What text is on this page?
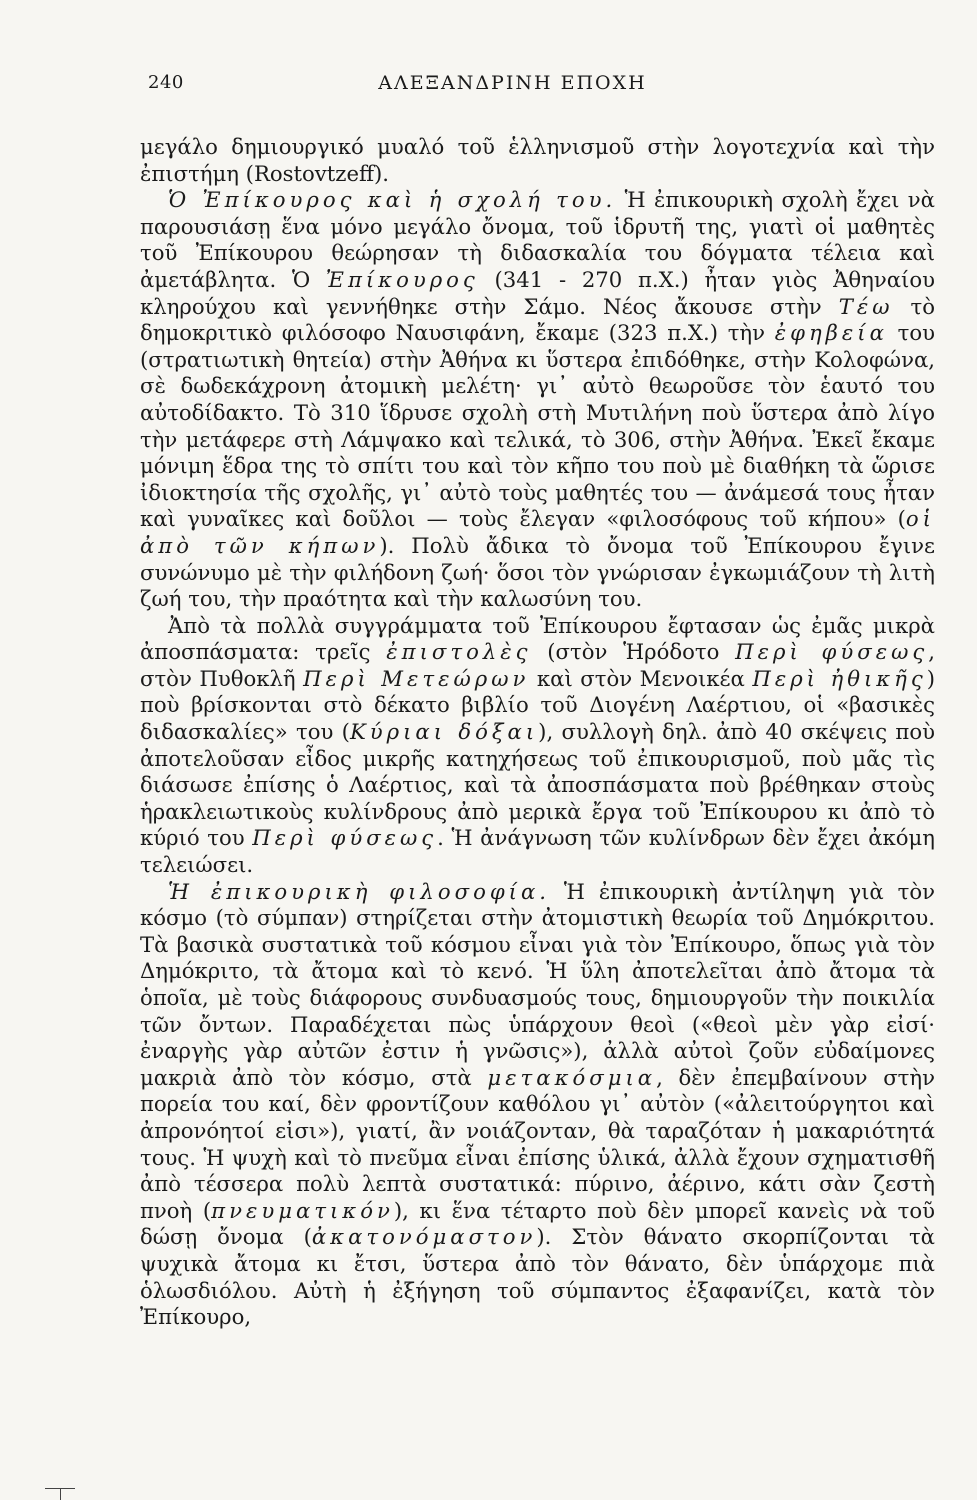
240	ΑΛΕΞΑΝΔΡΙΝΗ ΕΠΟΧΗ

μεγάλο δημιουργικό μυαλό τοῦ ἑλληνισμοῦ στὴν λογοτεχνία καὶ τὴν ἐπιστήμη (Rostovtzeff).

Ὁ Ἐπίκουρος καὶ ἡ σχολή του. Ἡ ἐπικουρικὴ σχολὴ ἔχει νὰ παρουσιάσῃ ἕνα μόνο μεγάλο ὄνομα, τοῦ ἱδρυτῆ της, γιατὶ οἱ μαθητὲς τοῦ Ἐπίκουρου θεώρησαν τὴ διδασκαλία του δόγματα τέλεια καὶ ἀμετάβλητα. Ὁ Ἐπίκουρος (341 - 270 π.Χ.) ἦταν γιὸς Ἀθηναίου κληρούχου καὶ γεννήθηκε στὴν Σάμο. Νέος ἄκουσε στὴν Τέω τὸ δημοκριτικὸ φιλόσοφο Ναυσιφάνη, ἔκαμε (323 π.Χ.) τὴν ἐφηβεία του (στρατιωτικὴ θητεία) στὴν Ἀθήνα κι ὕστερα ἐπιδόθηκε, στὴν Κολοφώνα, σὲ δωδεκάχρονη ἀτομικὴ μελέτη· γι᾽ αὐτὸ θεωροῦσε τὸν ἑαυτό του αὐτοδίδακτο. Τὸ 310 ἵδρυσε σχολὴ στὴ Μυτιλήνη ποὺ ὕστερα ἀπὸ λίγο τὴν μετάφερε στὴ Λάμψακο καὶ τελικά, τὸ 306, στὴν Ἀθήνα. Ἐκεῖ ἔκαμε μόνιμη ἕδρα της τὸ σπίτι του καὶ τὸν κῆπο του ποὺ μὲ διαθήκη τὰ ὥρισε ἰδιοκτησία τῆς σχολῆς, γι᾽ αὐτὸ τοὺς μαθητές του — ἀνάμεσά τους ἦταν καὶ γυναῖκες καὶ δοῦλοι — τοὺς ἔλεγαν «φιλοσόφους τοῦ κήπου» (οἱ ἀπὸ τῶν κήπων). Πολὺ ἄδικα τὸ ὄνομα τοῦ Ἐπίκουρου ἔγινε συνώνυμο μὲ τὴν φιλήδονη ζωή· ὅσοι τὸν γνώρισαν ἐγκωμιάζουν τὴ λιτὴ ζωή του, τὴν πραότητα καὶ τὴν καλωσύνη του.

Ἀπὸ τὰ πολλὰ συγγράμματα τοῦ Ἐπίκουρου ἔφτασαν ὡς ἐμᾶς μικρὰ ἀποσπάσματα: τρεῖς ἐπιστολὲς (στὸν Ἡρόδοτο Περὶ φύσεως, στὸν Πυθοκλῆ Περὶ Μετεώρων καὶ στὸν Μενοικέα Περὶ ἠθικῆς) ποὺ βρίσκονται στὸ δέκατο βιβλίο τοῦ Διογένη Λαέρτιου, οἱ «βασικὲς διδασκαλίες» του (Κύριαι δόξαι), συλλογὴ δηλ. ἀπὸ 40 σκέψεις ποὺ ἀποτελοῦσαν εἶδος μικρῆς κατηχήσεως τοῦ ἐπικουρισμοῦ, ποὺ μᾶς τὶς διάσωσε ἐπίσης ὁ Λαέρτιος, καὶ τὰ ἀποσπάσματα ποὺ βρέθηκαν στοὺς ἡρακλειωτικοὺς κυλίνδρους ἀπὸ μερικὰ ἔργα τοῦ Ἐπίκουρου κι ἀπὸ τὸ κύριό του Περὶ φύσεως. Ἡ ἀνάγνωση τῶν κυλίνδρων δὲν ἔχει ἀκόμη τελειώσει.

Ἡ ἐπικουρικὴ φιλοσοφία. Ἡ ἐπικουρικὴ ἀντίληψη γιὰ τὸν κόσμο (τὸ σύμπαν) στηρίζεται στὴν ἀτομιστικὴ θεωρία τοῦ Δημόκριτου. Τὰ βασικὰ συστατικὰ τοῦ κόσμου εἶναι γιὰ τὸν Ἐπίκουρο, ὅπως γιὰ τὸν Δημόκριτο, τὰ ἄτομα καὶ τὸ κενό. Ἡ ὕλη ἀποτελεῖται ἀπὸ ἄτομα τὰ ὁποῖα, μὲ τοὺς διάφορους συνδυασμούς τους, δημιουργοῦν τὴν ποικιλία τῶν ὄντων. Παραδέχεται πὼς ὑπάρχουν θεοὶ («θεοὶ μὲν γὰρ εἰσί· ἐναργὴς γὰρ αὐτῶν ἐστιν ἡ γνῶσις»), ἀλλὰ αὐτοὶ ζοῦν εὐδαίμονες μακριὰ ἀπὸ τὸν κόσμο, στὰ μετακόσμια, δὲν ἐπεμβαίνουν στὴν πορεία του καί, δὲν φροντίζουν καθόλου γι᾽ αὐτὸν («ἀλειτούργητοι καὶ ἀπρονόητοί εἰσι»), γιατί, ἂν νοιάζονταν, θὰ ταραζόταν ἡ μακαριότητά τους. Ἡ ψυχὴ καὶ τὸ πνεῦμα εἶναι ἐπίσης ὑλικά, ἀλλὰ ἔχουν σχηματισθῆ ἀπὸ τέσσερα πολὺ λεπτὰ συστατικά: πύρινο, ἀέρινο, κάτι σὰν ζεστὴ πνοὴ (πνευματικόν), κι ἕνα τέταρτο ποὺ δὲν μπορεῖ κανεὶς νὰ τοῦ δώσῃ ὄνομα (ἀκατονόμαστον). Στὸν θάνατο σκορπίζονται τὰ ψυχικὰ ἄτομα κι ἔτσι, ὕστερα ἀπὸ τὸν θάνατο, δὲν ὑπάρχομε πιὰ ὁλωσδιόλου. Αὐτὴ ἡ ἐξήγηση τοῦ σύμπαντος ἐξαφανίζει, κατὰ τὸν Ἐπίκουρο,
